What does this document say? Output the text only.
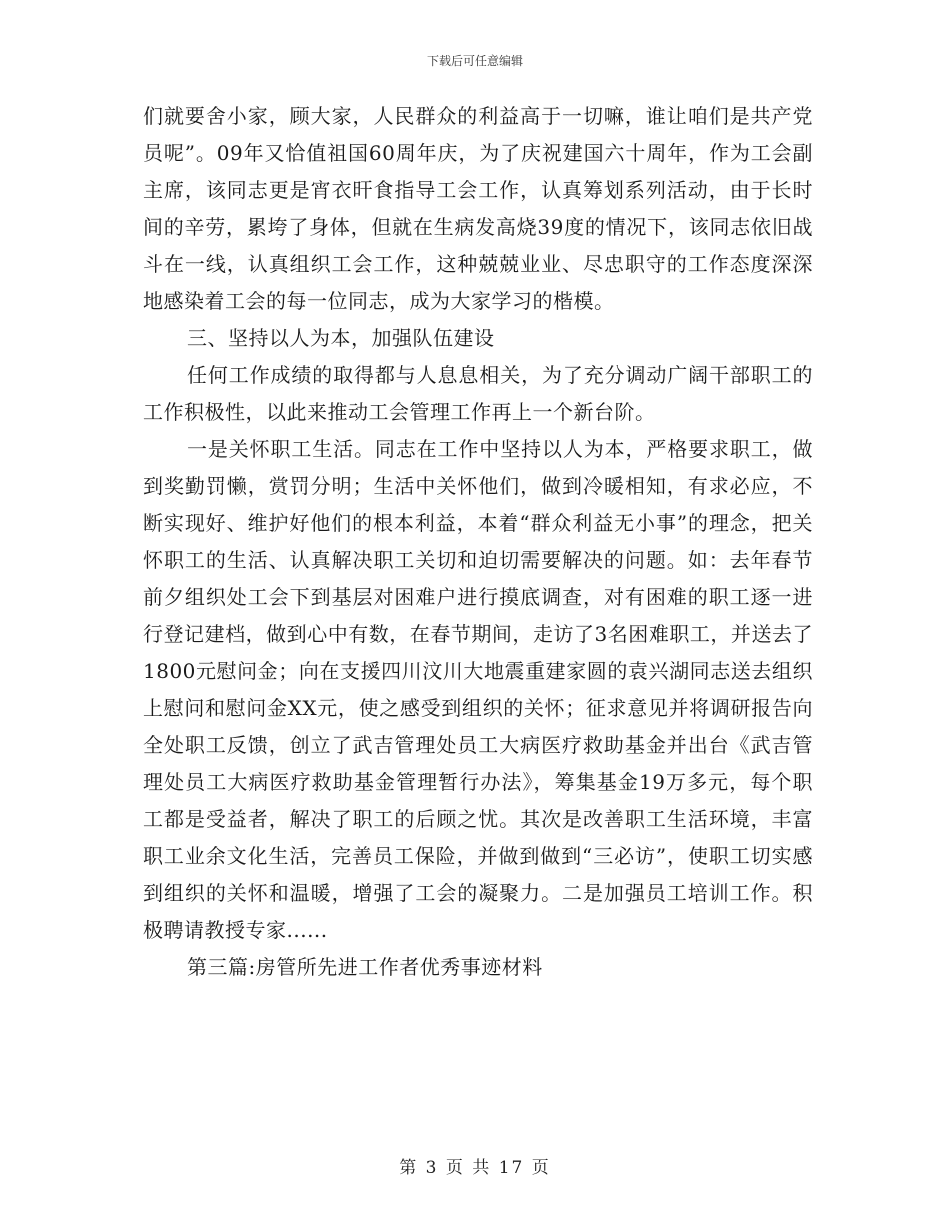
下载后可任意编辑

们就要舍小家，顾大家，人民群众的利益高于一切嘛，谁让咱们是共产党员呢”。09年又恰值祖国60周年庆，为了庆祝建国六十周年，作为工会副主席，该同志更是宵衣旰食指导工会工作，认真筹划系列活动，由于长时间的辛劳，累垮了身体，但就在生病发高烧39度的情况下，该同志依旧战斗在一线，认真组织工会工作，这种兢兢业业、尽忠职守的工作态度深深地感染着工会的每一位同志，成为大家学习的楷模。

三、坚持以人为本，加强队伍建设

任何工作成绩的取得都与人息息相关，为了充分调动广阔干部职工的工作积极性，以此来推动工会管理工作再上一个新台阶。

一是关怀职工生活。同志在工作中坚持以人为本，严格要求职工，做到奖勤罚懒，赏罚分明；生活中关怀他们，做到冷暖相知，有求必应，不断实现好、维护好他们的根本利益，本着“群众利益无小事”的理念，把关怀职工的生活、认真解决职工关切和迫切需要解决的问题。如：去年春节前夕组织处工会下到基层对困难户进行摸底调查，对有困难的职工逐一进行登记建档，做到心中有数，在春节期间，走访了3名困难职工，并送去了1800元慰问金；向在支援四川汶川大地震重建家圆的袁兴湖同志送去组织上慰问和慰问金XX元，使之感受到组织的关怀；征求意见并将调研报告向全处职工反馈，创立了武吉管理处员工大病医疗救助基金并出台《武吉管理处员工大病医疗救助基金管理暂行办法》，筹集基金19万多元，每个职工都是受益者，解决了职工的后顾之忧。其次是改善职工生活环境，丰富职工业余文化生活，完善员工保险，并做到做到“三必访”，使职工切实感到组织的关怀和温暖，增强了工会的凝聚力。二是加强员工培训工作。积极聘请教授专家......

第三篇:房管所先进工作者优秀事迹材料

第 3 页 共 17 页
